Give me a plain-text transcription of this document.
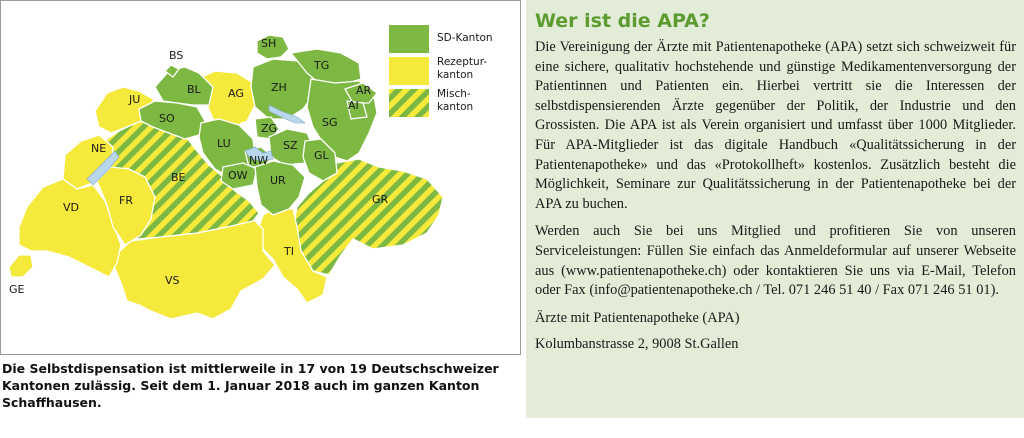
SD-Kanton
Rezeptur-kanton
Misch-kanton
SH
BS
BL
TG
ZH	AR
AI
SG
JU	AG
SO
ZG
LU	SZ
GL
NE
NW
OW
BE	UR
FR	GR
VD
TI
VS
GE

Die Selbstdispensation ist mittlerweile in 17 von 19 Deutschschweizer Kantonen zulässig. Seit dem 1. Januar 2018 auch im ganzen Kanton Schaffhausen.

Wer ist die APA?

Die Vereinigung der Ärzte mit Patientenapotheke (APA) setzt sich schweizweit für eine sichere, qualitativ hochstehende und günstige Medikamentenversorgung der Patientinnen und Patienten ein. Hierbei vertritt sie die Interessen der selbstdispensierenden Ärzte gegenüber der Politik, der Industrie und den Grossisten. Die APA ist als Verein organisiert und umfasst über 1000 Mitglieder. Für APA-Mitglieder ist das digitale Handbuch «Qualitätssicherung in der Patientenapotheke» und das «Protokollheft» kostenlos. Zusätzlich besteht die Möglichkeit, Seminare zur Qualitätssicherung in der Patientenapotheke bei der APA zu buchen.

Werden auch Sie bei uns Mitglied und profitieren Sie von unseren Serviceleistungen: Füllen Sie einfach das Anmeldeformular auf unserer Webseite aus (www.patientenapotheke.ch) oder kontaktieren Sie uns via E-Mail, Telefon oder Fax (info@patientenapotheke.ch / Tel. 071 246 51 40 / Fax 071 246 51 01).

Ärzte mit Patientenapotheke (APA)

Kolumbanstrasse 2, 9008 St.Gallen
